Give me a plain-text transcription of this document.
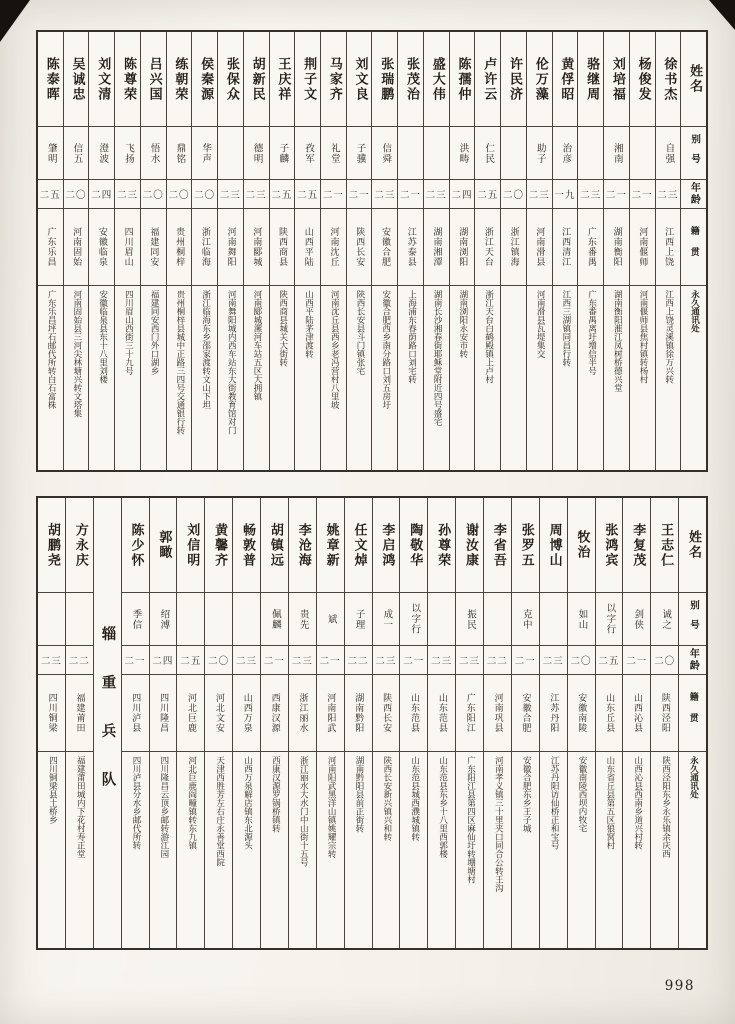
姓名
别号
年龄
籍贯
永久通讯处
徐书杰
自强
二三
江西上饶
江西上饶灵溪镇徐万兴转
杨俊发
二一
河南偃师
河南偃师县焦村镇转杨村
刘培福
湘南
二一
湖南衡阳
湖南衡阳漼江凤树桥德兴堂
骆继周
二三
广东番禺
广东番禺离圩增信半号
黄俘昭
治彦
一九
江西清江
江西三湖镇同昌行转
伦万藻
助子
二三
河南滑县
河南滑县瓦堤集交
许民济
二〇
浙江镇海
卢许云
仁民
二五
浙江天台
浙江天台白鹤殿镇上卢村
陈孺仲
洪畴
二四
湖南浏阳
湖南浏阳永安市转
盛大伟
二三
湖南湘潭
湖南长沙湘春街耶稣堂附近四号盛宅
张茂治
二一
江苏泰县
上海浦东春荫路口刘宅转
张瑞鹏
信舜
二三
安徽合肥
安徽合肥西乡南分路口刘五房圩
刘文良
子骥
二一
陕西长安
陕西长安县斗门镇张宅
马家齐
礼堂
二一
河南沈丘
河南沈丘县西乡老冯营村八里坡
荆子文
孜军
二五
山西平陆
山西平陆茅津渡转
王庆祥
子麟
二五
陕西商县
陕西商县城关大街转
胡新民
德明
二三
河南郾城
河南郾城漯河车站五区大拥镇
张保众
二三
河南舞阳
河南舞阳城内西车站东大街教育馆对门
侯秦源
华声
二〇
浙江临海
浙江临海东乡邵家渡转文山下坦
练朝荣
鼎铭
二〇
贵州桐梓
贵州桐梓县城中正路三四号交通银行转
吕兴国
悟水
二〇
福建同安
福建同安西门外口湖乡
陈尊荣
飞扬
二三
四川眉山
四川眉山西街三十九号
刘文清
澄波
二四
安徽临泉
安徽临泉县东十八里刘楼
吴诚忠
信五
二〇
河南固始
河南固始县三河尖林塘兴转文塔集
陈泰晖
肇明
二五
广东乐昌
广东乐昌坪石邮代所转白石富株
姓名
别号
年龄
籍贯
永久通讯处
王志仁
诚之
二〇
陕西泾阳
陕西泾阳东乡永乐镇余庆西
李复茂
剑侠
二一
山西沁县
山西沁县西南乡道兴村转
张鸿宾
以字行
二五
山东丘县
山东省丘县第五区狼窝村
牧治
如山
二〇
安徽南陵
安徽南陵西坝内牧宅
周博山
二三
江苏丹阳
江苏丹阳访仙桥正和宝号
张罗五
克中
二一
安徽合肥
安徽合肥东乡王子城
李省吾
二二
河南巩县
河南孝义镇三十里夹口同合公转王沟
谢汝康
振民
二三
广东阳江
广东阳江县第四区麻仙圩转堋塘村
孙尊荣
二三
山东范县
山东范县东乡十八里西郭楼
陶敬华
以字行
二一
山东范县
山东范县城西濮城镇转
李启鸿
成一
二三
陕西长安
陕西长安新兴镇兴和转
任文焯
子理
二二
湖南黔阳
湖南黔阳县前正街转
姚章新
斌
二一
河南阳武
河南阳武黑洋山镇姚耀宗转
李沧海
贵先
二三
浙江丽水
浙江丽水大水门中山街十五号
胡镇远
佩麟
二一
西康汉源
西康汉源罗锅桥镇转
畅敦普
二三
山西万泉
山西万泉解店镇东北源头
黄馨齐
二〇
河北文安
天津西胜芳左右庄永善堂西院
刘信明
二五
河北巨鹿
河北巨鹿阎疃镇转东九镇
郭瞰
绍溥
二四
四川隆昌
四川隆昌云顶乡邮转游江园
陈少怀
季信
二一
四川泸县
四川泸县分水乡邮代所转
辎重兵队
方永庆
二二
福建莆田
福建莆田城内下花村寿正堂
胡鹏尧
二三
四川铜梁
四川铜梁县土桥乡
998
